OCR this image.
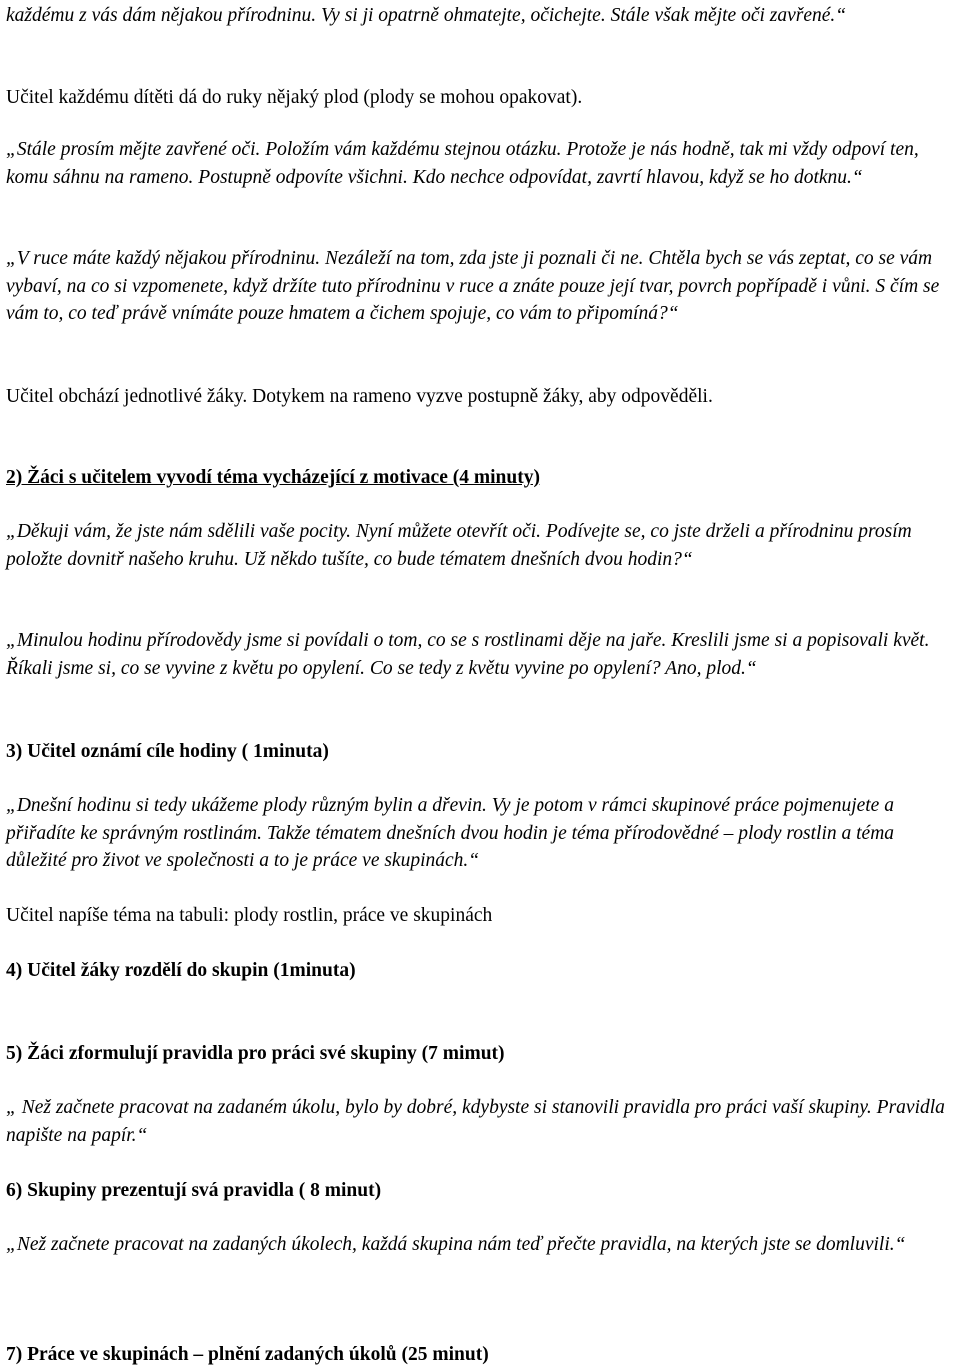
každému z vás dám nějakou přírodninu. Vy si ji opatrně ohmatejte, očichejte. Stále však mějte oči zavřené.“

Učitel každému dítěti dá do ruky nějaký plod (plody se mohou opakovat).

„Stále prosím mějte zavřené oči. Položím vám každému stejnou otázku. Protože je nás hodně, tak mi vždy odpoví ten, komu sáhnu na rameno. Postupně odpovíte všichni. Kdo nechce odpovídat, zavrtí hlavou, když se ho dotknu.“

„V ruce máte každý nějakou přírodninu. Nezáleží na tom, zda jste ji poznali či ne. Chtěla bych se vás zeptat, co se vám vybaví, na co si vzpomenete, když držíte tuto přírodninu v ruce a znáte pouze její tvar, povrch popřípadě i vůni. S čím se vám to, co teď právě vnímáte pouze hmatem a čichem spojuje, co vám to připomíná?“

Učitel obchází jednotlivé žáky. Dotykem na rameno vyzve postupně žáky, aby odpověděli.

2) Žáci s učitelem vyvodí téma vycházející z motivace (4 minuty)

„Děkuji vám, že jste nám sdělili vaše pocity. Nyní můžete otevřít oči. Podívejte se, co jste drželi a přírodninu prosím položte dovnitř našeho kruhu. Už někdo tušíte, co bude tématem dnešních dvou hodin?“

„Minulou hodinu přírodovědy jsme si povídali o tom, co se s rostlinami děje na jaře. Kreslili jsme si a popisovali květ. Říkali jsme si, co se vyvine z květu po opylení. Co se tedy z květu vyvine po opylení? Ano, plod.“

3) Učitel oznámí cíle hodiny ( 1minuta)

„Dnešní hodinu si tedy ukážeme plody různým bylin a dřevin. Vy je potom v rámci skupinové práce pojmenujete a přiřadíte ke správným rostlinám. Takže tématem dnešních dvou hodin je téma přírodovědné – plody rostlin a téma důležité pro život ve společnosti a to je práce ve skupinách.“

Učitel napíše téma na tabuli: plody rostlin, práce ve skupinách

4) Učitel žáky rozdělí do skupin (1minuta)

5) Žáci zformulují pravidla pro práci své skupiny (7 mimut)

„ Než začnete pracovat na zadaném úkolu, bylo by dobré, kdybyste si stanovili pravidla pro práci vaší skupiny. Pravidla napište na papír.“

6) Skupiny prezentují svá pravidla ( 8 minut)

„Než začnete pracovat na zadaných úkolech, každá skupina nám teď přečte pravidla, na kterých jste se domluvili.“

7) Práce ve skupinách – plnění zadaných úkolů (25 minut)
